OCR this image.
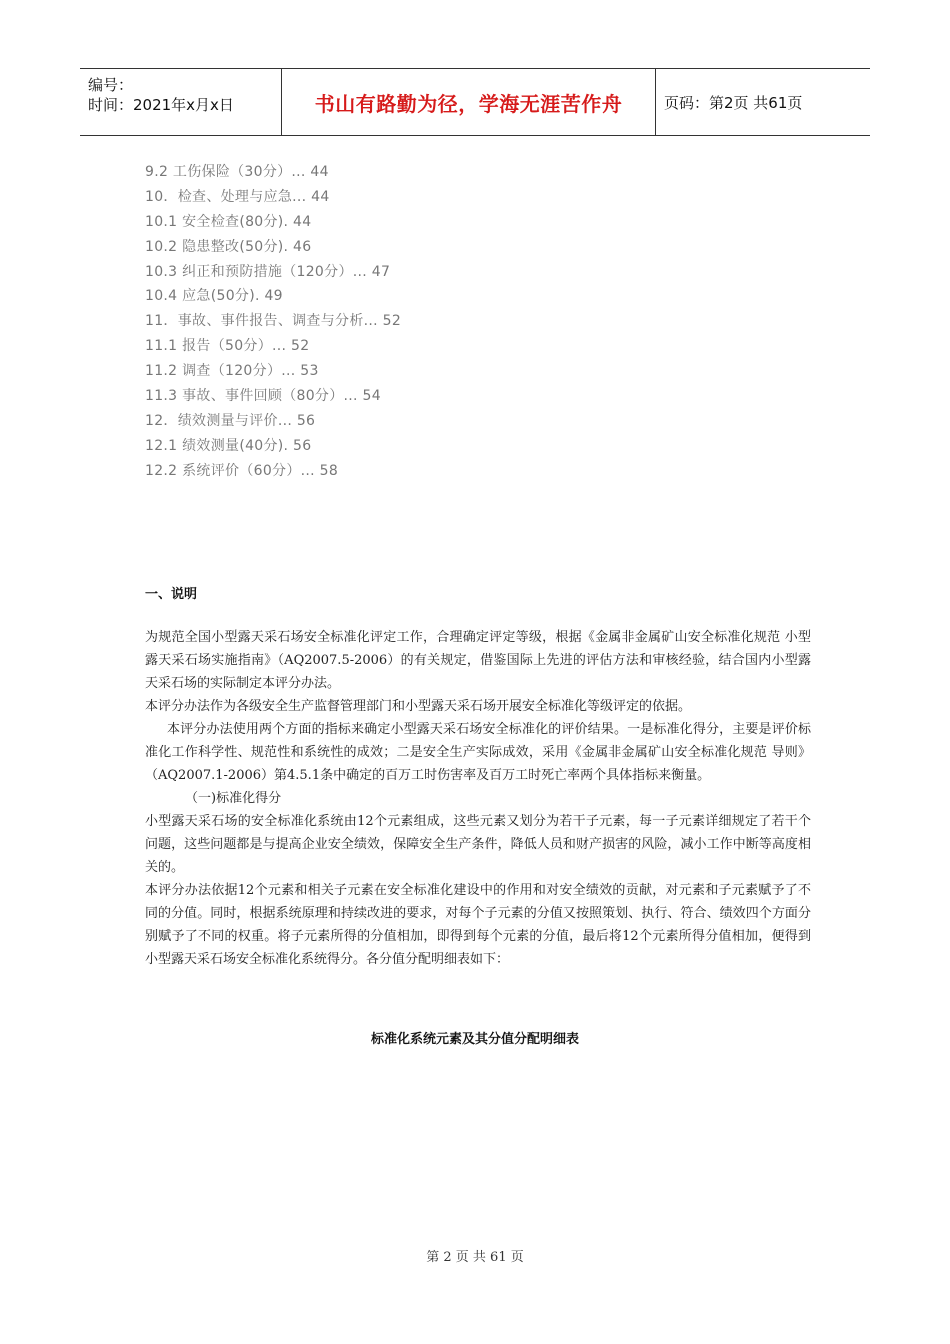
编号：
时间：2021年x月x日	书山有路勤为径，学海无涯苦作舟	页码：第2页 共61页
9.2 工伤保险（30分）... 44
10．检查、处理与应急... 44
10.1 安全检查(80分). 44
10.2 隐患整改(50分). 46
10.3 纠正和预防措施（120分）... 47
10.4 应急(50分). 49
11．事故、事件报告、调查与分析... 52
11.1 报告（50分）... 52
11.2 调查（120分）... 53
11.3 事故、事件回顾（80分）... 54
12．绩效测量与评价... 56
12.1 绩效测量(40分). 56
12.2 系统评价（60分）... 58
一、说明

为规范全国小型露天采石场安全标准化评定工作，合理确定评定等级，根据《金属非金属矿山安全标准化规范 小型露天采石场实施指南》（AQ2007.5-2006）的有关规定，借鉴国际上先进的评估方法和审核经验，结合国内小型露天采石场的实际制定本评分办法。

本评分办法作为各级安全生产监督管理部门和小型露天采石场开展安全标准化等级评定的依据。

本评分办法使用两个方面的指标来确定小型露天采石场安全标准化的评价结果。一是标准化得分，主要是评价标准化工作科学性、规范性和系统性的成效；二是安全生产实际成效，采用《金属非金属矿山安全标准化规范 导则》（AQ2007.1-2006）第4.5.1条中确定的百万工时伤害率及百万工时死亡率两个具体指标来衡量。

（一)标准化得分

小型露天采石场的安全标准化系统由12个元素组成，这些元素又划分为若干子元素，每一子元素详细规定了若干个问题，这些问题都是与提高企业安全绩效，保障安全生产条件，降低人员和财产损害的风险，减小工作中断等高度相关的。

本评分办法依据12个元素和相关子元素在安全标准化建设中的作用和对安全绩效的贡献，对元素和子元素赋予了不同的分值。同时，根据系统原理和持续改进的要求，对每个子元素的分值又按照策划、执行、符合、绩效四个方面分别赋予了不同的权重。将子元素所得的分值相加，即得到每个元素的分值，最后将12个元素所得分值相加，便得到小型露天采石场安全标准化系统得分。各分值分配明细表如下：

标准化系统元素及其分值分配明细表
第 2 页 共 61 页
